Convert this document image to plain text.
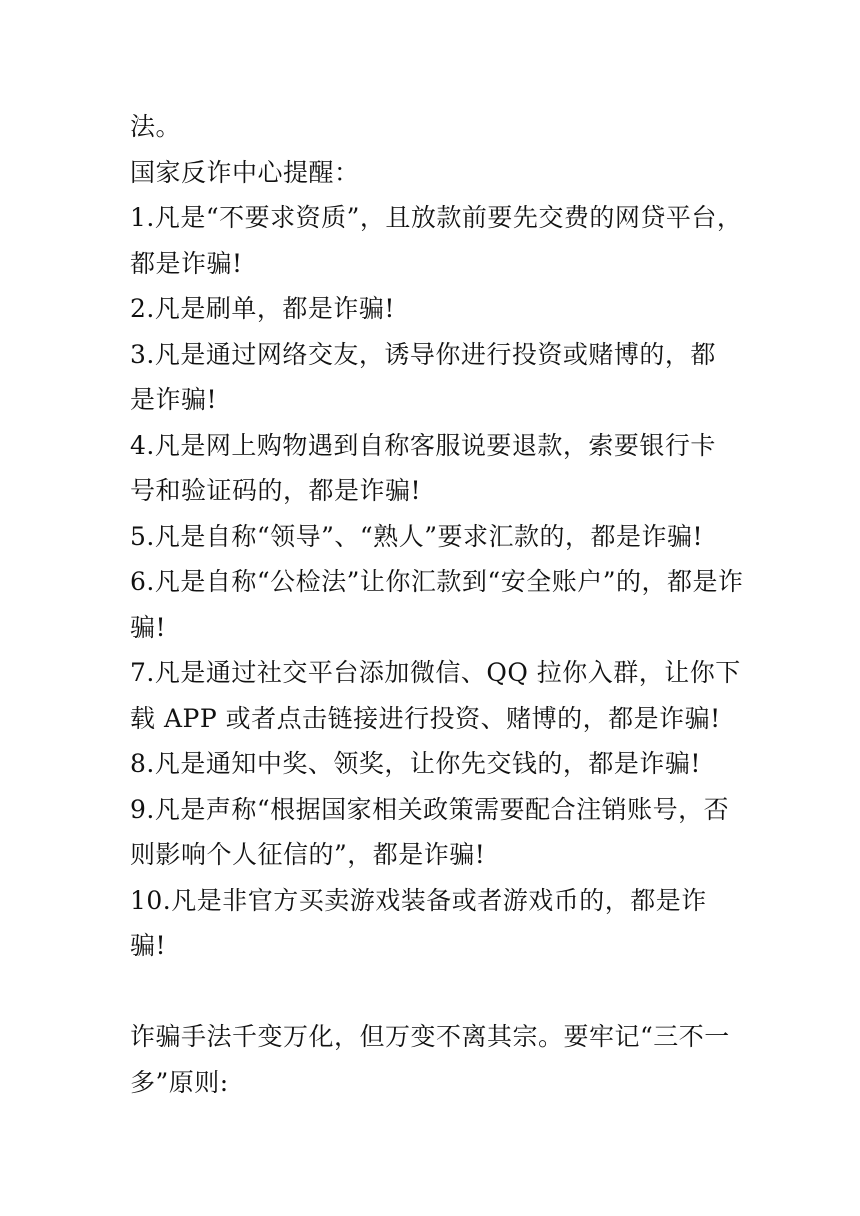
法。
国家反诈中心提醒：
1.凡是“不要求资质”，且放款前要先交费的网贷平台，
都是诈骗!
2.凡是刷单，都是诈骗!
3.凡是通过网络交友，诱导你进行投资或赌博的，都
是诈骗!
4.凡是网上购物遇到自称客服说要退款，索要银行卡
号和验证码的，都是诈骗!
5.凡是自称“领导”、“熟人”要求汇款的，都是诈骗!
6.凡是自称“公检法”让你汇款到“安全账户”的，都是诈
骗!
7.凡是通过社交平台添加微信、QQ 拉你入群，让你下
载 APP 或者点击链接进行投资、赌博的，都是诈骗!
8.凡是通知中奖、领奖，让你先交钱的，都是诈骗!
9.凡是声称“根据国家相关政策需要配合注销账号，否
则影响个人征信的”，都是诈骗!
10.凡是非官方买卖游戏装备或者游戏币的，都是诈
骗!
诈骗手法千变万化，但万变不离其宗。要牢记“三不一
多”原则:
